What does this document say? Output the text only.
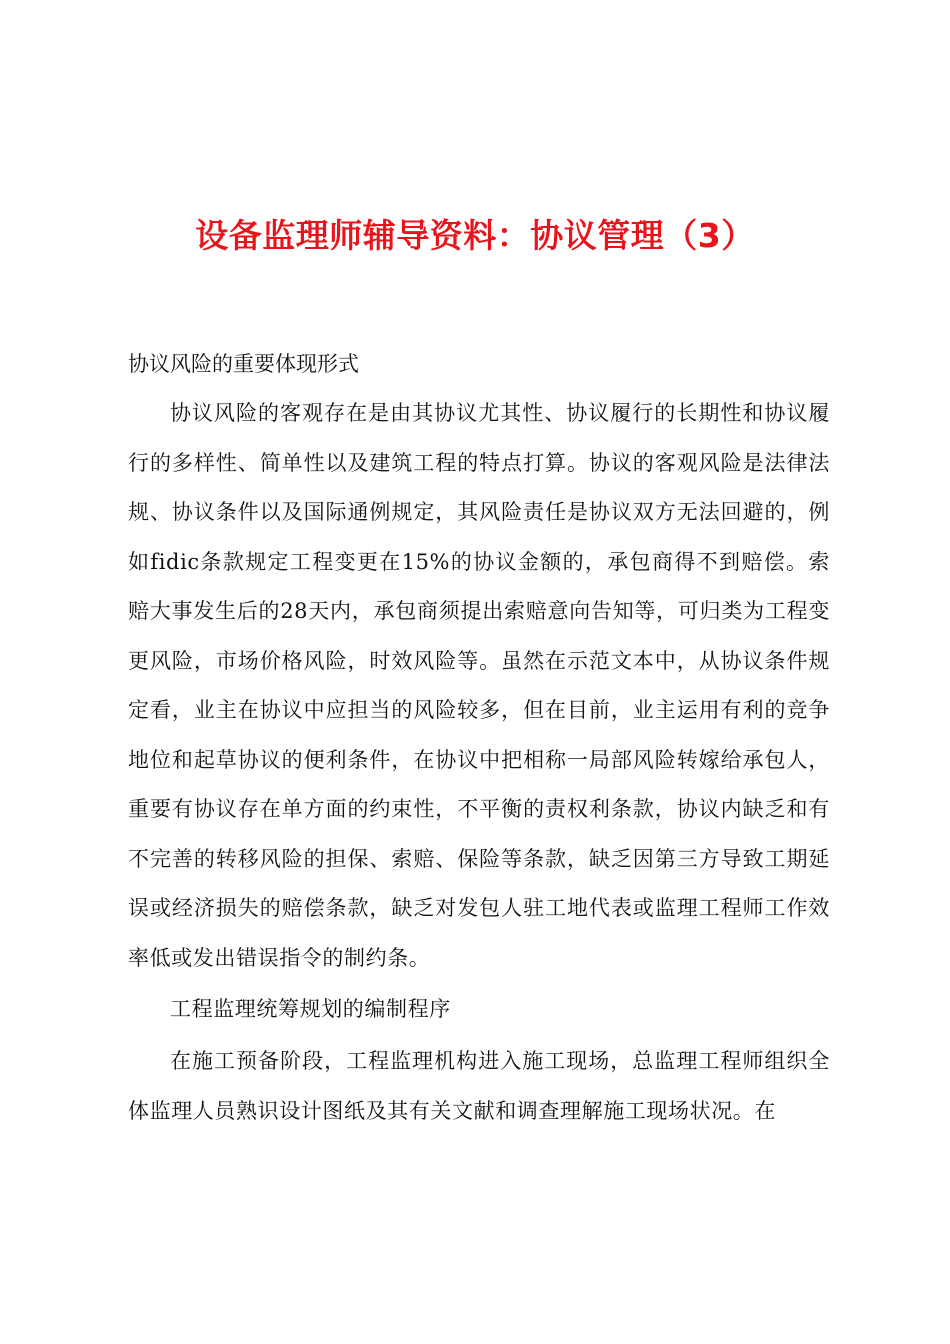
设备监理师辅导资料：协议管理（3）

协议风险的重要体现形式

协议风险的客观存在是由其协议尤其性、协议履行的长期性和协议履行的多样性、简单性以及建筑工程的特点打算。协议的客观风险是法律法规、协议条件以及国际通例规定，其风险责任是协议双方无法回避的，例如fidic条款规定工程变更在15%的协议金额的，承包商得不到赔偿。索赔大事发生后的28天内，承包商须提出索赔意向告知等，可归类为工程变更风险，市场价格风险，时效风险等。虽然在示范文本中，从协议条件规定看，业主在协议中应担当的风险较多，但在目前，业主运用有利的竞争地位和起草协议的便利条件，在协议中把相称一局部风险转嫁给承包人，重要有协议存在单方面的约束性，不平衡的责权利条款，协议内缺乏和有不完善的转移风险的担保、索赔、保险等条款，缺乏因第三方导致工期延误或经济损失的赔偿条款，缺乏对发包人驻工地代表或监理工程师工作效率低或发出错误指令的制约条。

工程监理统筹规划的编制程序

在施工预备阶段，工程监理机构进入施工现场，总监理工程师组织全体监理人员熟识设计图纸及其有关文献和调查理解施工现场状况。在
